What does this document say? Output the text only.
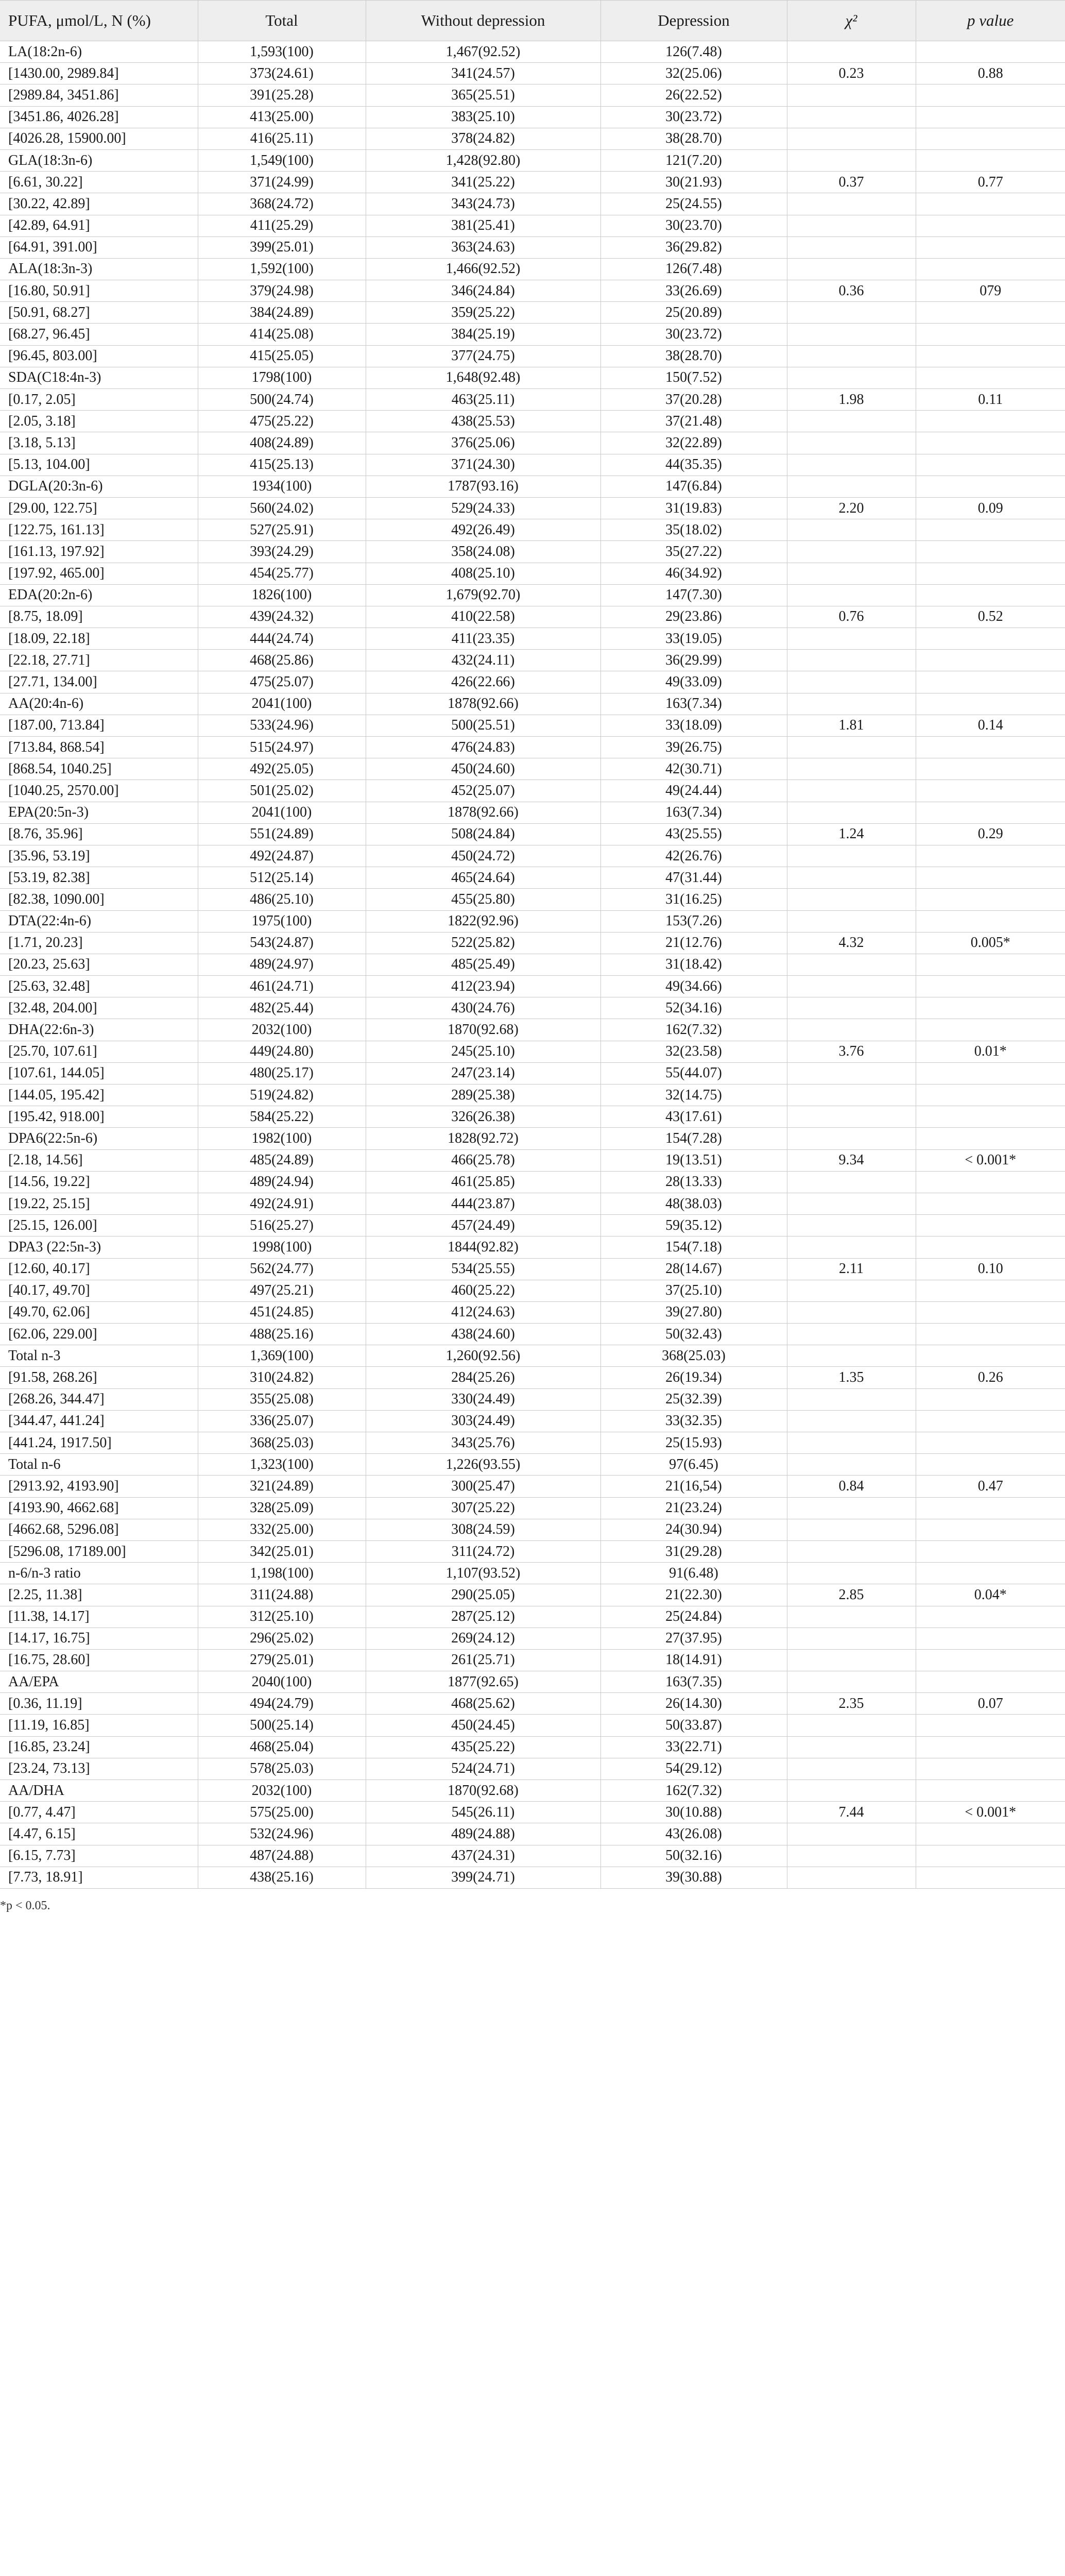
PUFA, μmol/L, N (%)	Total	Without depression	Depression	χ²	p value
LA(18:2n-6)	1,593(100)	1,467(92.52)	126(7.48)		
[1430.00, 2989.84]	373(24.61)	341(24.57)	32(25.06)	0.23	0.88
[2989.84, 3451.86]	391(25.28)	365(25.51)	26(22.52)		
[3451.86, 4026.28]	413(25.00)	383(25.10)	30(23.72)		
[4026.28, 15900.00]	416(25.11)	378(24.82)	38(28.70)		
GLA(18:3n-6)	1,549(100)	1,428(92.80)	121(7.20)		
[6.61, 30.22]	371(24.99)	341(25.22)	30(21.93)	0.37	0.77
[30.22, 42.89]	368(24.72)	343(24.73)	25(24.55)		
[42.89, 64.91]	411(25.29)	381(25.41)	30(23.70)		
[64.91, 391.00]	399(25.01)	363(24.63)	36(29.82)		
ALA(18:3n-3)	1,592(100)	1,466(92.52)	126(7.48)		
[16.80, 50.91]	379(24.98)	346(24.84)	33(26.69)	0.36	079
[50.91, 68.27]	384(24.89)	359(25.22)	25(20.89)		
[68.27, 96.45]	414(25.08)	384(25.19)	30(23.72)		
[96.45, 803.00]	415(25.05)	377(24.75)	38(28.70)		
SDA(C18:4n-3)	1798(100)	1,648(92.48)	150(7.52)		
[0.17, 2.05]	500(24.74)	463(25.11)	37(20.28)	1.98	0.11
[2.05, 3.18]	475(25.22)	438(25.53)	37(21.48)		
[3.18, 5.13]	408(24.89)	376(25.06)	32(22.89)		
[5.13, 104.00]	415(25.13)	371(24.30)	44(35.35)		
DGLA(20:3n-6)	1934(100)	1787(93.16)	147(6.84)		
[29.00, 122.75]	560(24.02)	529(24.33)	31(19.83)	2.20	0.09
[122.75, 161.13]	527(25.91)	492(26.49)	35(18.02)		
[161.13, 197.92]	393(24.29)	358(24.08)	35(27.22)		
[197.92, 465.00]	454(25.77)	408(25.10)	46(34.92)		
EDA(20:2n-6)	1826(100)	1,679(92.70)	147(7.30)		
[8.75, 18.09]	439(24.32)	410(22.58)	29(23.86)	0.76	0.52
[18.09, 22.18]	444(24.74)	411(23.35)	33(19.05)		
[22.18, 27.71]	468(25.86)	432(24.11)	36(29.99)		
[27.71, 134.00]	475(25.07)	426(22.66)	49(33.09)		
AA(20:4n-6)	2041(100)	1878(92.66)	163(7.34)		
[187.00, 713.84]	533(24.96)	500(25.51)	33(18.09)	1.81	0.14
[713.84, 868.54]	515(24.97)	476(24.83)	39(26.75)		
[868.54, 1040.25]	492(25.05)	450(24.60)	42(30.71)		
[1040.25, 2570.00]	501(25.02)	452(25.07)	49(24.44)		
EPA(20:5n-3)	2041(100)	1878(92.66)	163(7.34)		
[8.76, 35.96]	551(24.89)	508(24.84)	43(25.55)	1.24	0.29
[35.96, 53.19]	492(24.87)	450(24.72)	42(26.76)		
[53.19, 82.38]	512(25.14)	465(24.64)	47(31.44)		
[82.38, 1090.00]	486(25.10)	455(25.80)	31(16.25)		
DTA(22:4n-6)	1975(100)	1822(92.96)	153(7.26)		
[1.71, 20.23]	543(24.87)	522(25.82)	21(12.76)	4.32	0.005*
[20.23, 25.63]	489(24.97)	485(25.49)	31(18.42)		
[25.63, 32.48]	461(24.71)	412(23.94)	49(34.66)		
[32.48, 204.00]	482(25.44)	430(24.76)	52(34.16)		
DHA(22:6n-3)	2032(100)	1870(92.68)	162(7.32)		
[25.70, 107.61]	449(24.80)	245(25.10)	32(23.58)	3.76	0.01*
[107.61, 144.05]	480(25.17)	247(23.14)	55(44.07)		
[144.05, 195.42]	519(24.82)	289(25.38)	32(14.75)		
[195.42, 918.00]	584(25.22)	326(26.38)	43(17.61)		
DPA6(22:5n-6)	1982(100)	1828(92.72)	154(7.28)		
[2.18, 14.56]	485(24.89)	466(25.78)	19(13.51)	9.34	< 0.001*
[14.56, 19.22]	489(24.94)	461(25.85)	28(13.33)		
[19.22, 25.15]	492(24.91)	444(23.87)	48(38.03)		
[25.15, 126.00]	516(25.27)	457(24.49)	59(35.12)		
DPA3 (22:5n-3)	1998(100)	1844(92.82)	154(7.18)		
[12.60, 40.17]	562(24.77)	534(25.55)	28(14.67)	2.11	0.10
[40.17, 49.70]	497(25.21)	460(25.22)	37(25.10)		
[49.70, 62.06]	451(24.85)	412(24.63)	39(27.80)		
[62.06, 229.00]	488(25.16)	438(24.60)	50(32.43)		
Total n-3	1,369(100)	1,260(92.56)	368(25.03)		
[91.58, 268.26]	310(24.82)	284(25.26)	26(19.34)	1.35	0.26
[268.26, 344.47]	355(25.08)	330(24.49)	25(32.39)		
[344.47, 441.24]	336(25.07)	303(24.49)	33(32.35)		
[441.24, 1917.50]	368(25.03)	343(25.76)	25(15.93)		
Total n-6	1,323(100)	1,226(93.55)	97(6.45)		
[2913.92, 4193.90]	321(24.89)	300(25.47)	21(16,54)	0.84	0.47
[4193.90, 4662.68]	328(25.09)	307(25.22)	21(23.24)		
[4662.68, 5296.08]	332(25.00)	308(24.59)	24(30.94)		
[5296.08, 17189.00]	342(25.01)	311(24.72)	31(29.28)		
n-6/n-3 ratio	1,198(100)	1,107(93.52)	91(6.48)		
[2.25, 11.38]	311(24.88)	290(25.05)	21(22.30)	2.85	0.04*
[11.38, 14.17]	312(25.10)	287(25.12)	25(24.84)		
[14.17, 16.75]	296(25.02)	269(24.12)	27(37.95)		
[16.75, 28.60]	279(25.01)	261(25.71)	18(14.91)		
AA/EPA	2040(100)	1877(92.65)	163(7.35)		
[0.36, 11.19]	494(24.79)	468(25.62)	26(14.30)	2.35	0.07
[11.19, 16.85]	500(25.14)	450(24.45)	50(33.87)		
[16.85, 23.24]	468(25.04)	435(25.22)	33(22.71)		
[23.24, 73.13]	578(25.03)	524(24.71)	54(29.12)		
AA/DHA	2032(100)	1870(92.68)	162(7.32)		
[0.77, 4.47]	575(25.00)	545(26.11)	30(10.88)	7.44	< 0.001*
[4.47, 6.15]	532(24.96)	489(24.88)	43(26.08)		
[6.15, 7.73]	487(24.88)	437(24.31)	50(32.16)		
[7.73, 18.91]	438(25.16)	399(24.71)	39(30.88)		
*p < 0.05.
